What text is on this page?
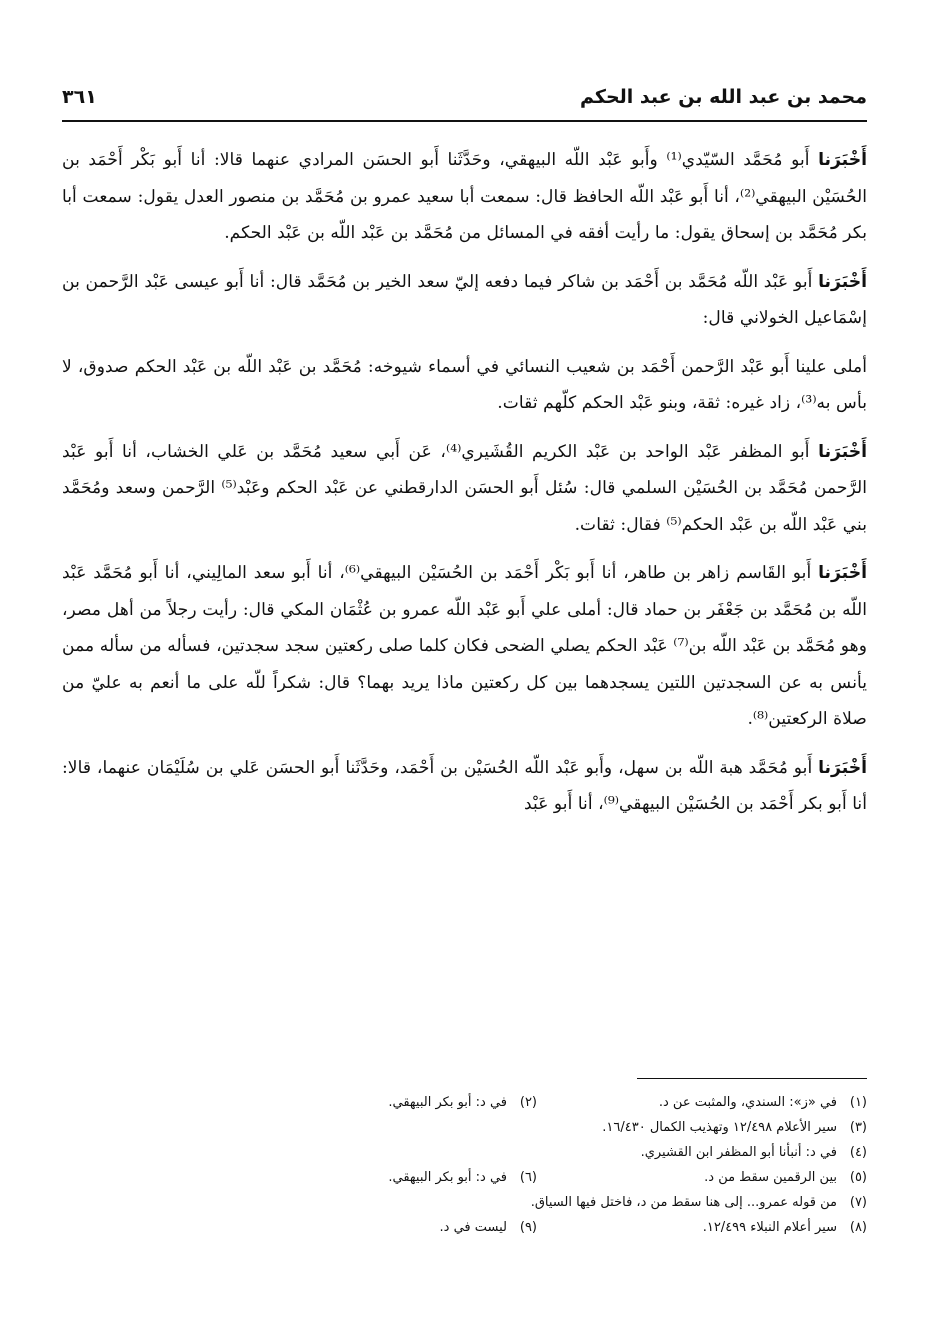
محمد بن عبد الله بن عبد الحكم
٣٦١

أَخْبَرَنا أَبو مُحَمَّد السّيّدي⁽¹⁾ وأَبو عَبْد اللّه البيهقي، وحَدَّثَنا أَبو الحسَن المرادي عنهما قالا: أنا أَبو بَكْر أَحْمَد بن الحُسَيْن البيهقي⁽²⁾، أنا أَبو عَبْد اللّه الحافظ قال: سمعت أبا سعيد عمرو بن مُحَمَّد بن منصور العدل يقول: سمعت أبا بكر مُحَمَّد بن إسحاق يقول: ما رأيت أفقه في المسائل من مُحَمَّد بن عَبْد اللّه بن عَبْد الحكم.

أَخْبَرَنا أَبو عَبْد اللّه مُحَمَّد بن أَحْمَد بن شاكر فيما دفعه إليّ سعد الخير بن مُحَمَّد قال: أنا أَبو عيسى عَبْد الرَّحمن بن إسْمَاعيل الخولاني قال:

أملى علينا أَبو عَبْد الرَّحمن أَحْمَد بن شعيب النسائي في أسماء شيوخه: مُحَمَّد بن عَبْد اللّه بن عَبْد الحكم صدوق، لا بأس به⁽³⁾، زاد غيره: ثقة، وبنو عَبْد الحكم كلّهم ثقات.

أَخْبَرَنا أَبو المظفر عَبْد الواحد بن عَبْد الكريم القُشَيري⁽⁴⁾، عَن أَبي سعيد مُحَمَّد بن عَلي الخشاب، أنا أَبو عَبْد الرَّحمن مُحَمَّد بن الحُسَيْن السلمي قال: سُئل أَبو الحسَن الدارقطني عن عَبْد الحكم وعَبْد⁽⁵⁾ الرَّحمن وسعد ومُحَمَّد بني عَبْد اللّه بن عَبْد الحكم⁽⁵⁾ فقال: ثقات.

أَخْبَرَنا أَبو القَاسم زاهر بن طاهر، أنا أَبو بَكْر أَحْمَد بن الحُسَيْن البيهقي⁽⁶⁾، أنا أَبو سعد المالِيني، أنا أَبو مُحَمَّد عَبْد اللّه بن مُحَمَّد بن جَعْفَر بن حماد قال: أملى علي أَبو عَبْد اللّه عمرو بن عُثْمَان المكي قال: رأيت رجلاً من أهل مصر، وهو مُحَمَّد بن عَبْد اللّه بن⁽⁷⁾ عَبْد الحكم يصلي الضحى فكان كلما صلى ركعتين سجد سجدتين، فسأله من سأله ممن يأنس به عن السجدتين اللتين يسجدهما بين كل ركعتين ماذا يريد بهما؟ قال: شكراً للّه على ما أنعم به عليّ من صلاة الركعتين⁽⁸⁾.

أَخْبَرَنا أَبو مُحَمَّد هبة اللّه بن سهل، وأَبو عَبْد اللّه الحُسَيْن بن أَحْمَد، وحَدَّثَنا أَبو الحسَن عَلي بن سُلَيْمَان عنهما، قالا: أنا أَبو بكر أَحْمَد بن الحُسَيْن البيهقي⁽⁹⁾، أنا أَبو عَبْد

(١)في «ز»: السندي، والمثبت عن د.
(٢)في د: أبو بكر البيهقي.
(٣)سير الأعلام ١٢/٤٩٨ وتهذيب الكمال ١٦/٤٣٠.
(٤)في د: أنبأنا أبو المظفر ابن القشيري.
(٥)بين الرقمين سقط من د.
(٦)في د: أبو بكر البيهقي.
(٧)من قوله عمرو... إلى هنا سقط من د، فاختل فيها السياق.
(٨)سير أعلام النبلاء ١٢/٤٩٩.
(٩)ليست في د.
